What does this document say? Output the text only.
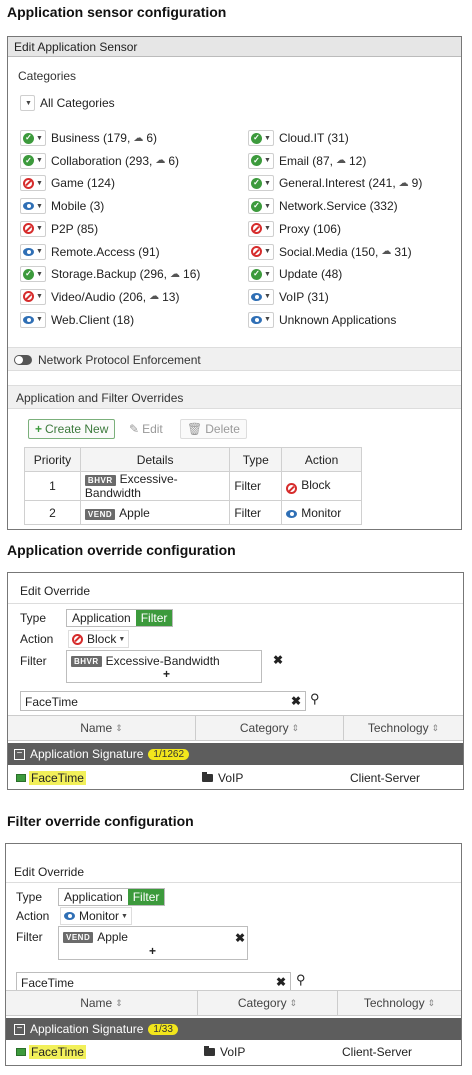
Application sensor configuration
Edit Application Sensor
Categories
▼ All Categories
✓ ▼ Business (179, ☁ 6)
✓ ▼ Collaboration (293, ☁ 6)
▼ Game (124)
▼ Mobile (3)
▼ P2P (85)
▼ Remote.Access (91)
✓ ▼ Storage.Backup (296, ☁ 16)
▼ Video/Audio (206, ☁ 13)
▼ Web.Client (18)
✓ ▼ Cloud.IT (31)
✓ ▼ Email (87, ☁ 12)
✓ ▼ General.Interest (241, ☁ 9)
✓ ▼ Network.Service (332)
▼ Proxy (106)
▼ Social.Media (150, ☁ 31)
✓ ▼ Update (48)
▼ VoIP (31)
▼ Unknown Applications
Network Protocol Enforcement
Application and Filter Overrides
+ Create New ✎ Edit 🗑 Delete
Priority	Details	Type	Action
1	BHVR Excessive-Bandwidth	Filter	Block
2	VEND Apple	Filter	Monitor
Application override configuration
Edit Override
Type	Application Filter
Action	Block ▼
Filter	BHVR Excessive-Bandwidth	✖
+
FaceTime	✖ ⚲
Name ⇕	Category ⇕	Technology ⇕
− Application Signature	1/1262
FaceTime	VoIP	Client-Server
Filter override configuration
Edit Override
Type	Application Filter
Action Monitor ▼
Filter	VEND Apple	✖
+
FaceTime	✖ ⚲
Name ⇕	Category ⇕	Technology ⇕
− Application Signature	1/33
FaceTime	VoIP	Client-Server
